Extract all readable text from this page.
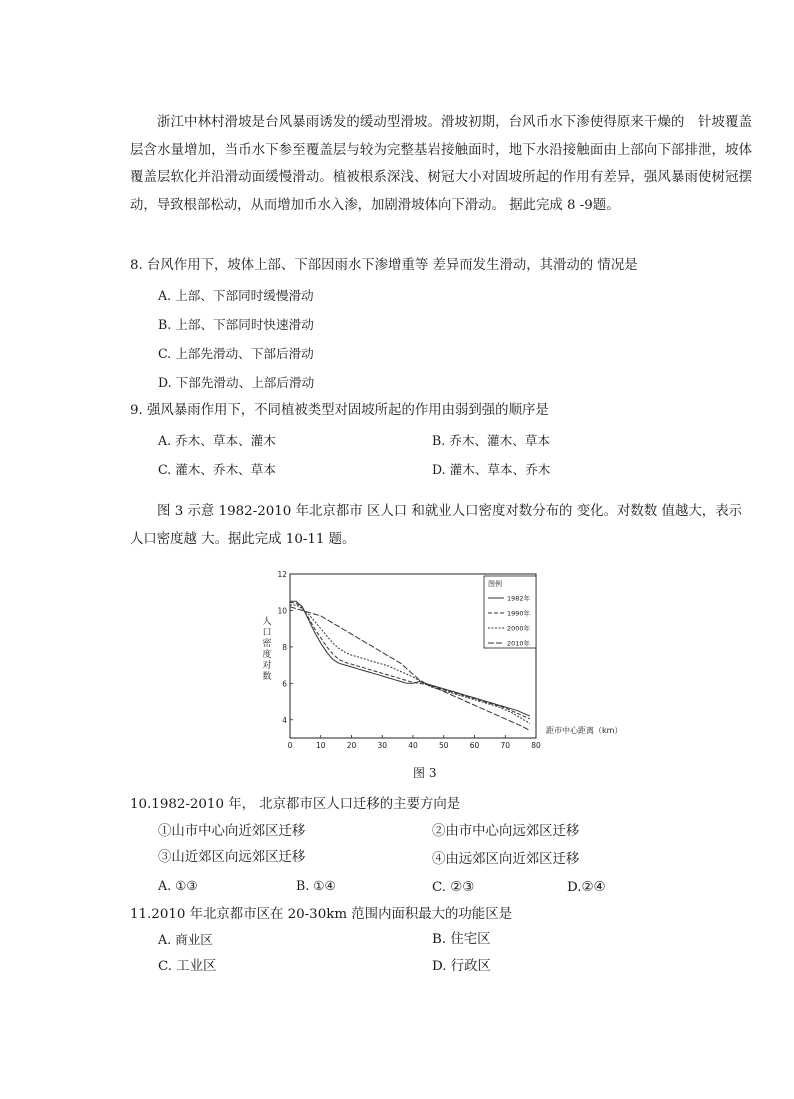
浙江中林村滑坡是台风暴雨诱发的缓动型滑坡。滑坡初期，台风币水下渗使得原来干燥的　针坡覆盖层含水量增加，当币水下参至覆盖层与较为完整基岩接触面时，地下水沿接触面由上部向下部排泄，坡体覆盖层软化并沿滑动面缓慢滑动。植被根系深浅、树冠大小对固坡所起的作用有差异，强风暴雨使树冠摆动，导致根部松动，从而增加币水入渗，加剧滑坡体向下滑动。 据此完成 8 -9题。
8. 台风作用下，坡体上部、下部因雨水下渗增重等 差异而发生滑动，其滑动的 情况是
A. 上部、下部同时缓慢滑动
B. 上部、下部同时快速滑动
C. 上部先滑动、下部后滑动
D. 下部先滑动、上部后滑动
9. 强风暴雨作用下，不同植被类型对固坡所起的作用由弱到强的顺序是
A. 乔木、草本、灌木	B. 乔木、灌木、草本
C. 灌木、乔木、草本	D. 灌木、草本、乔木
图 3 示意 1982-2010 年北京都市 区人口 和就业人口密度对数分布的 变化。对数数 值越大，表示人口密度越 大。据此完成 10-11 题。
0	10	20	30	40	50	60	70	80
4
6
8
10
12
图例
1982年
1990年
2000年
2010年
人口密度对数
距市中心距离（km）
图 3
10.1982-2010 年， 北京都市区人口迁移的主要方向是
①山市中心向近郊区迁移	②由市中心向远郊区迁移
③山近郊区向远郊区迁移	④由远郊区向近郊区迁移
A. ①③	B. ①④	C. ②③	D.②④
11.2010 年北京都市区在 20-30km 范围内面积最大的功能区是
A. 商业区	B. 住宅区
C. 工业区	D. 行政区
